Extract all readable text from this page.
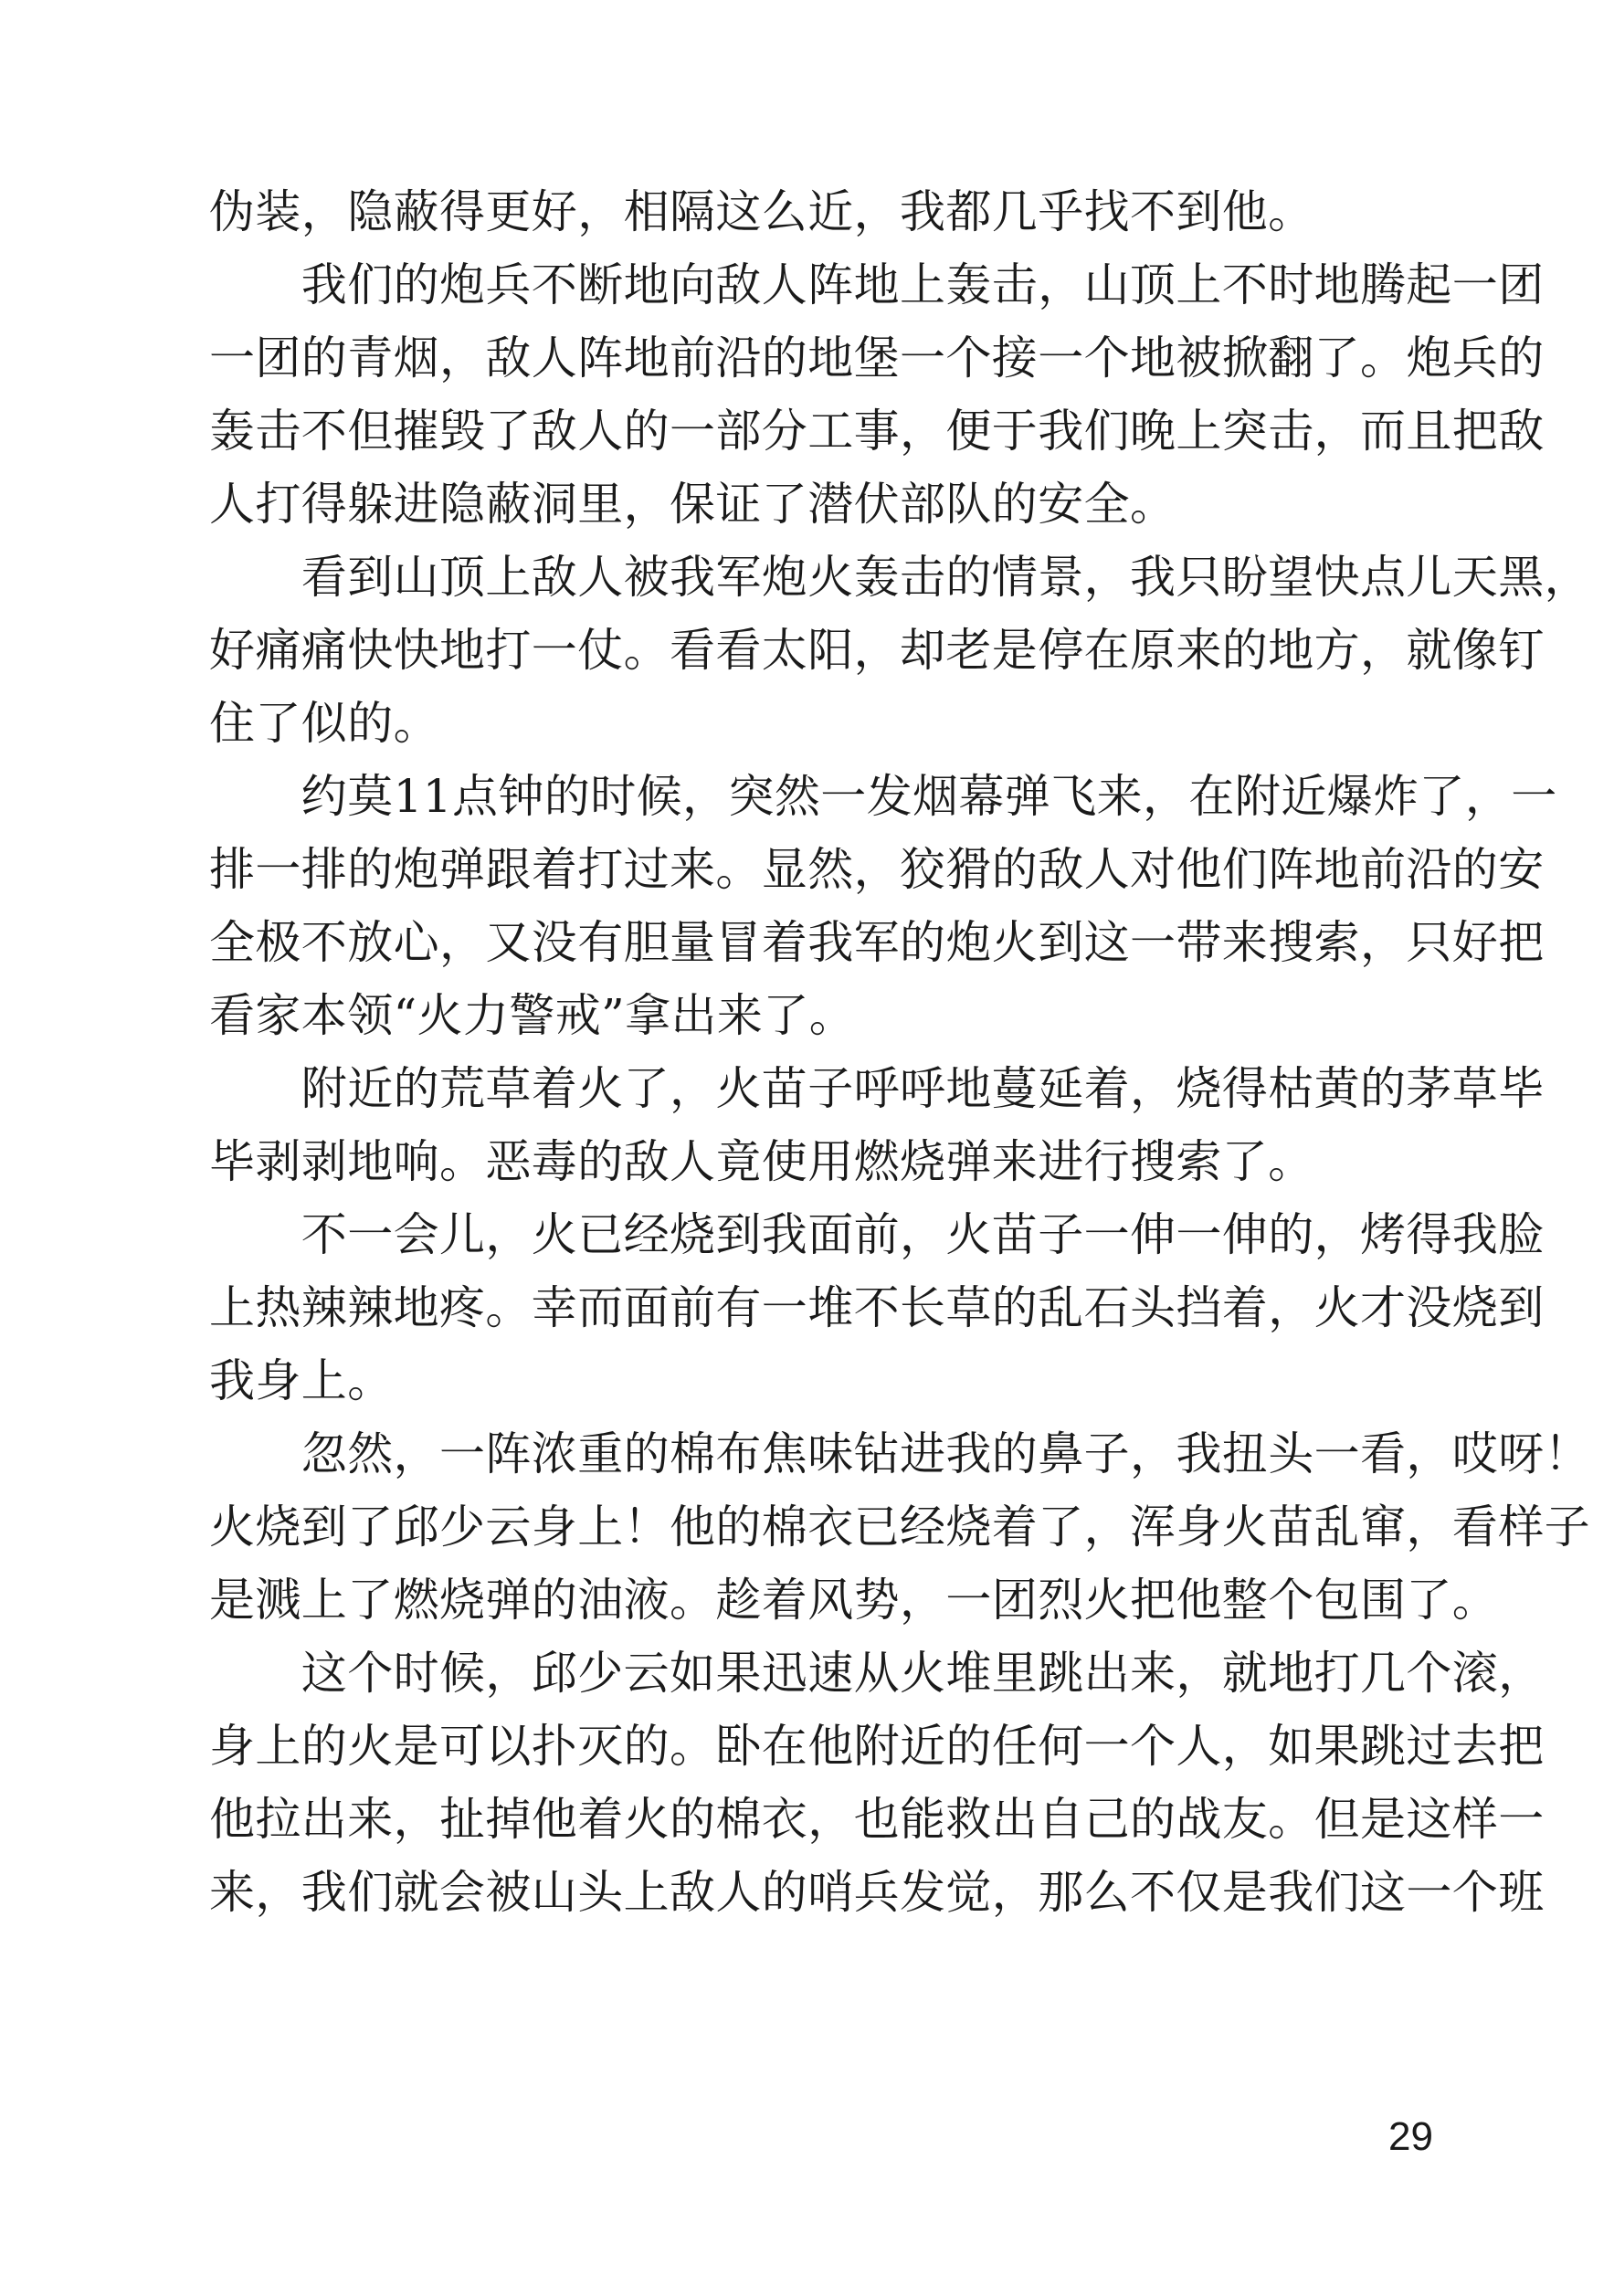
伪装，隐蔽得更好，相隔这么近，我都几乎找不到他。
　　我们的炮兵不断地向敌人阵地上轰击，山顶上不时地腾起一团
一团的青烟，敌人阵地前沿的地堡一个接一个地被掀翻了。炮兵的
轰击不但摧毁了敌人的一部分工事，便于我们晚上突击，而且把敌
人打得躲进隐蔽洞里，保证了潜伏部队的安全。
　　看到山顶上敌人被我军炮火轰击的情景，我只盼望快点儿天黑，
好痛痛快快地打一仗。看看太阳，却老是停在原来的地方，就像钉
住了似的。
　　约莫11点钟的时候，突然一发烟幕弹飞来，在附近爆炸了，一
排一排的炮弹跟着打过来。显然，狡猾的敌人对他们阵地前沿的安
全极不放心，又没有胆量冒着我军的炮火到这一带来搜索，只好把
看家本领“火力警戒”拿出来了。
　　附近的荒草着火了，火苗子呼呼地蔓延着，烧得枯黄的茅草毕
毕剥剥地响。恶毒的敌人竟使用燃烧弹来进行搜索了。
　　不一会儿，火已经烧到我面前，火苗子一伸一伸的，烤得我脸
上热辣辣地疼。幸而面前有一堆不长草的乱石头挡着，火才没烧到
我身上。
　　忽然，一阵浓重的棉布焦味钻进我的鼻子，我扭头一看，哎呀！
火烧到了邱少云身上！他的棉衣已经烧着了，浑身火苗乱窜，看样子
是溅上了燃烧弹的油液。趁着风势，一团烈火把他整个包围了。
　　这个时候，邱少云如果迅速从火堆里跳出来，就地打几个滚，
身上的火是可以扑灭的。卧在他附近的任何一个人，如果跳过去把
他拉出来，扯掉他着火的棉衣，也能救出自己的战友。但是这样一
来，我们就会被山头上敌人的哨兵发觉，那么不仅是我们这一个班
29
